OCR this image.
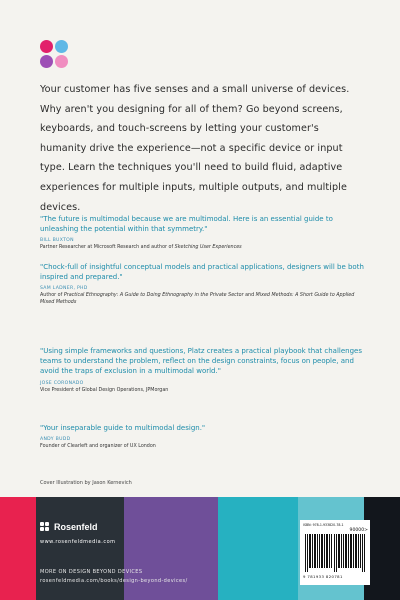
Your customer has five senses and a small universe of devices. Why aren't you designing for all of them? Go beyond screens, keyboards, and touch-screens by letting your customer's humanity drive the experience—not a specific device or input type. Learn the techniques you'll need to build fluid, adaptive experiences for multiple inputs, multiple outputs, and multiple devices.
"The future is multimodal because we are multimodal. Here is an essential guide to unleashing the potential within that symmetry."
BILL BUXTON
Partner Researcher at Microsoft Research and author of Sketching User Experiences
"Chock-full of insightful conceptual models and practical applications, designers will be both inspired and prepared."
SAM LADNER, PHD
Author of Practical Ethnography: A Guide to Doing Ethnography in the Private Sector and Mixed Methods: A Short Guide to Applied Mixed Methods
"Using simple frameworks and questions, Platz creates a practical playbook that challenges teams to understand the problem, reflect on the design constraints, focus on people, and avoid the traps of exclusion in a multimodal world."
JOSE CORONADO
Vice President of Global Design Operations, JPMorgan
"Your inseparable guide to multimodal design."
ANDY BUDD
Founder of Clearleft and organizer of UX London
Cover Illustration by Jason Kernevich
Rosenfeld
www.rosenfeldmedia.com
MORE ON DESIGN BEYOND DEVICES
rosenfeldmedia.com/books/design-beyond-devices/
ISBN: 978-1-933820-78-1
90000>
9 781933 820781
